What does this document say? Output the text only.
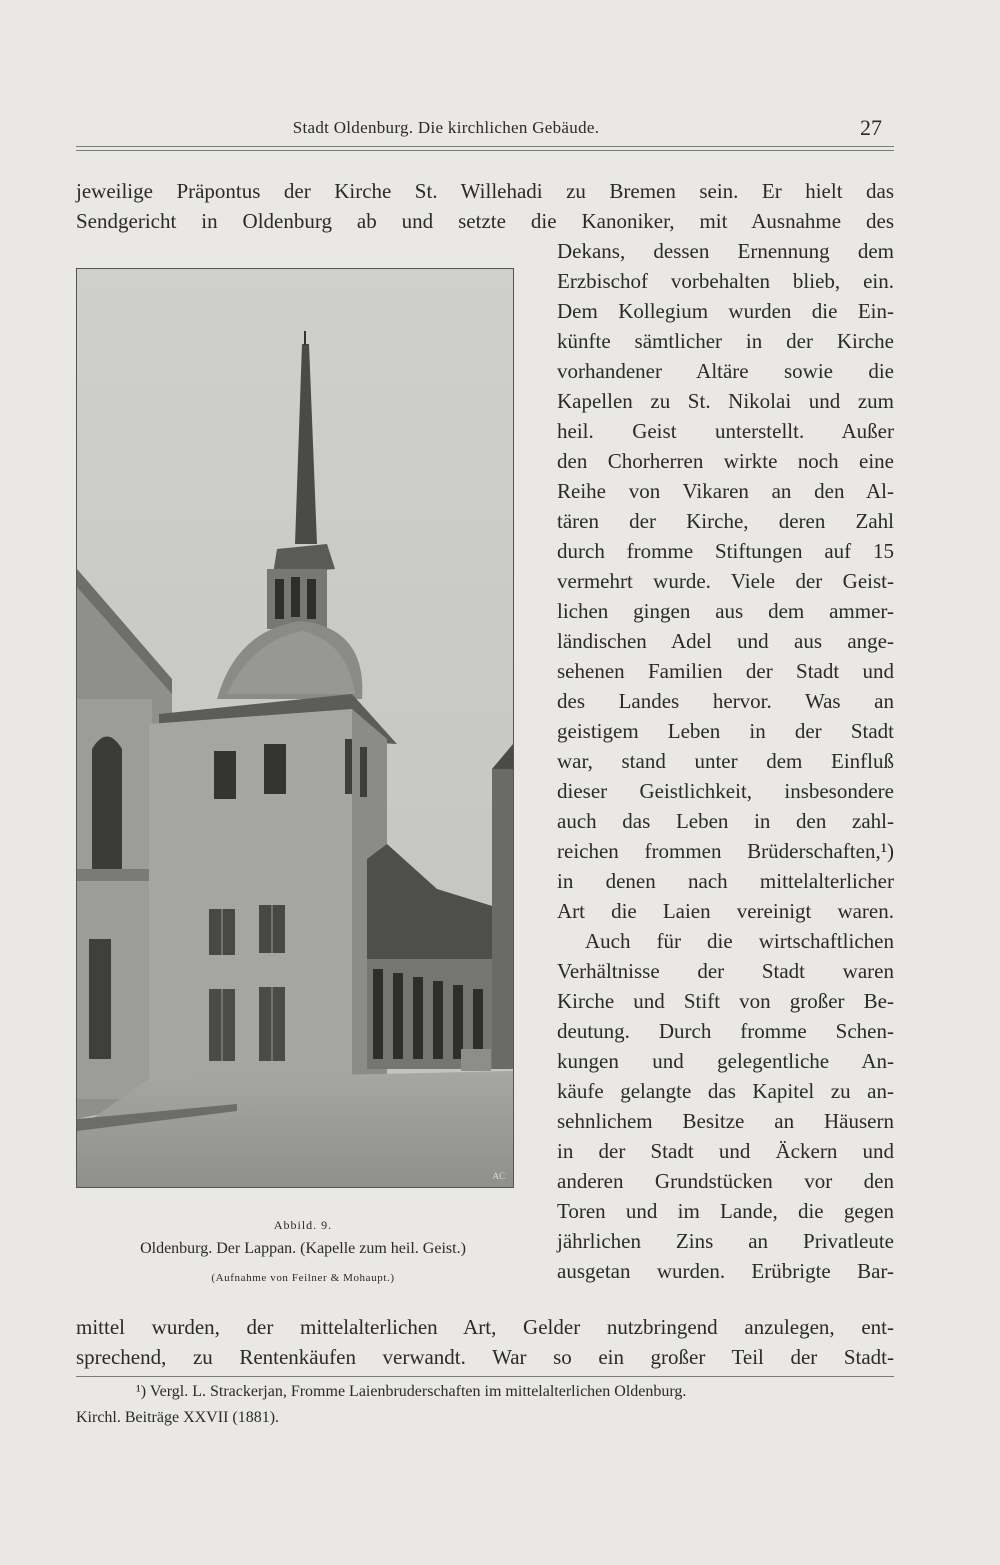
Stadt Oldenburg. Die kirchlichen Gebäude.	27

jeweilige Präpontus der Kirche St. Willehadi zu Bremen sein. Er hielt das

Sendgericht in Oldenburg ab und setzte die Kanoniker, mit Ausnahme des

Dekans, dessen Ernennung dem

Erzbischof vorbehalten blieb, ein.

Dem Kollegium wurden die Ein-

künfte sämtlicher in der Kirche

vorhandener Altäre sowie die

Kapellen zu St. Nikolai und zum

heil. Geist unterstellt. Außer

den Chorherren wirkte noch eine

Reihe von Vikaren an den Al-

tären der Kirche, deren Zahl

durch fromme Stiftungen auf 15

vermehrt wurde. Viele der Geist-

lichen gingen aus dem ammer-

ländischen Adel und aus ange-

sehenen Familien der Stadt und

des Landes hervor. Was an

geistigem Leben in der Stadt

war, stand unter dem Einfluß

dieser Geistlichkeit, insbesondere

auch das Leben in den zahl-

reichen frommen Brüderschaften,¹)

in denen nach mittelalterlicher

Art die Laien vereinigt waren.

Auch für die wirtschaftlichen

Verhältnisse der Stadt waren

Kirche und Stift von großer Be-

deutung. Durch fromme Schen-

kungen und gelegentliche An-

käufe gelangte das Kapitel zu an-

sehnlichem Besitze an Häusern

in der Stadt und Äckern und

anderen Grundstücken vor den

Toren und im Lande, die gegen

jährlichen Zins an Privatleute

ausgetan wurden. Erübrigte Bar-

mittel wurden, der mittelalterlichen Art, Gelder nutzbringend anzulegen, ent-

sprechend, zu Rentenkäufen verwandt. War so ein großer Teil der Stadt-

AC

Abbild. 9.

Oldenburg. Der Lappan. (Kapelle zum heil. Geist.)

(Aufnahme von Feilner & Mohaupt.)

¹) Vergl. L. Strackerjan, Fromme Laienbruderschaften im mittelalterlichen Oldenburg.

Kirchl. Beiträge XXVII (1881).
